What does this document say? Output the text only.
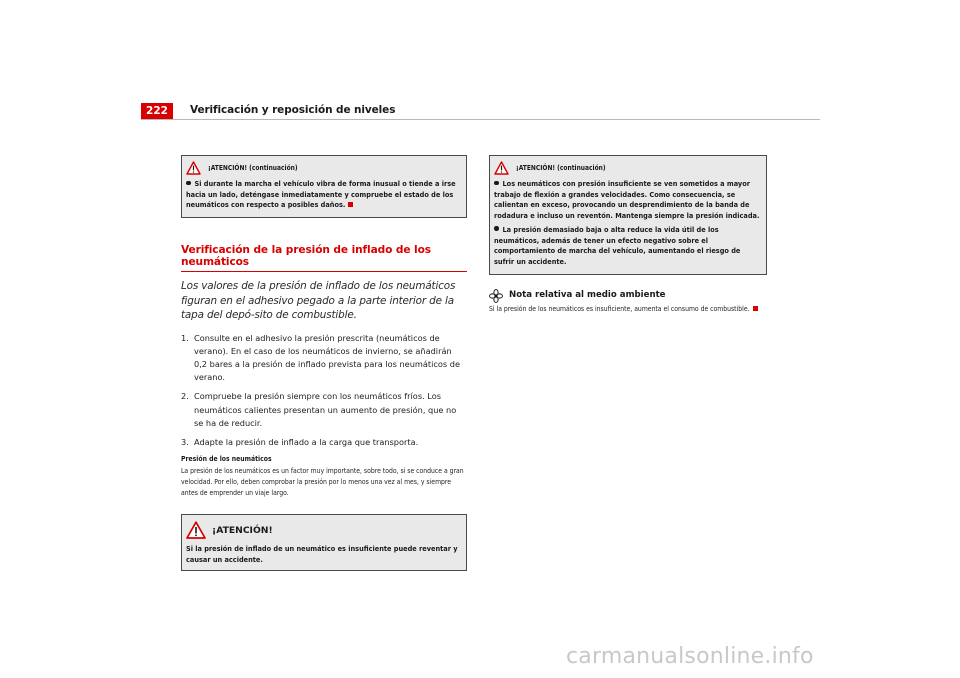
222	Verificación y reposición de niveles
¡ATENCIÓN! (continuación)
Si durante la marcha el vehículo vibra de forma inusual o tiende a irse hacia un lado, deténgase inmediatamente y compruebe el estado de los neumáticos con respecto a posibles daños.
Verificación de la presión de inflado de los neumáticos
Los valores de la presión de inflado de los neumáticos figuran en el adhesivo pegado a la parte interior de la tapa del depó-sito de combustible.
1. Consulte en el adhesivo la presión prescrita (neumáticos de verano). En el caso de los neumáticos de invierno, se añadirán 0,2 bares a la presión de inflado prevista para los neumáticos de verano.
2. Compruebe la presión siempre con los neumáticos fríos. Los neumáticos calientes presentan un aumento de presión, que no se ha de reducir.
3. Adapte la presión de inflado a la carga que transporta.
Presión de los neumáticos
La presión de los neumáticos es un factor muy importante, sobre todo, si se conduce a gran velocidad. Por ello, deben comprobar la presión por lo menos una vez al mes, y siempre antes de emprender un viaje largo.
¡ATENCIÓN!
Si la presión de inflado de un neumático es insuficiente puede reventar y causar un accidente.
¡ATENCIÓN! (continuación)
Los neumáticos con presión insuficiente se ven sometidos a mayor trabajo de flexión a grandes velocidades. Como consecuencia, se calientan en exceso, provocando un desprendimiento de la banda de rodadura e incluso un reventón. Mantenga siempre la presión indicada.
La presión demasiado baja o alta reduce la vida útil de los neumáticos, además de tener un efecto negativo sobre el comportamiento de marcha del vehículo, aumentando el riesgo de sufrir un accidente.
Nota relativa al medio ambiente
Si la presión de los neumáticos es insuficiente, aumenta el consumo de combustible.
carmanualsonline.info
